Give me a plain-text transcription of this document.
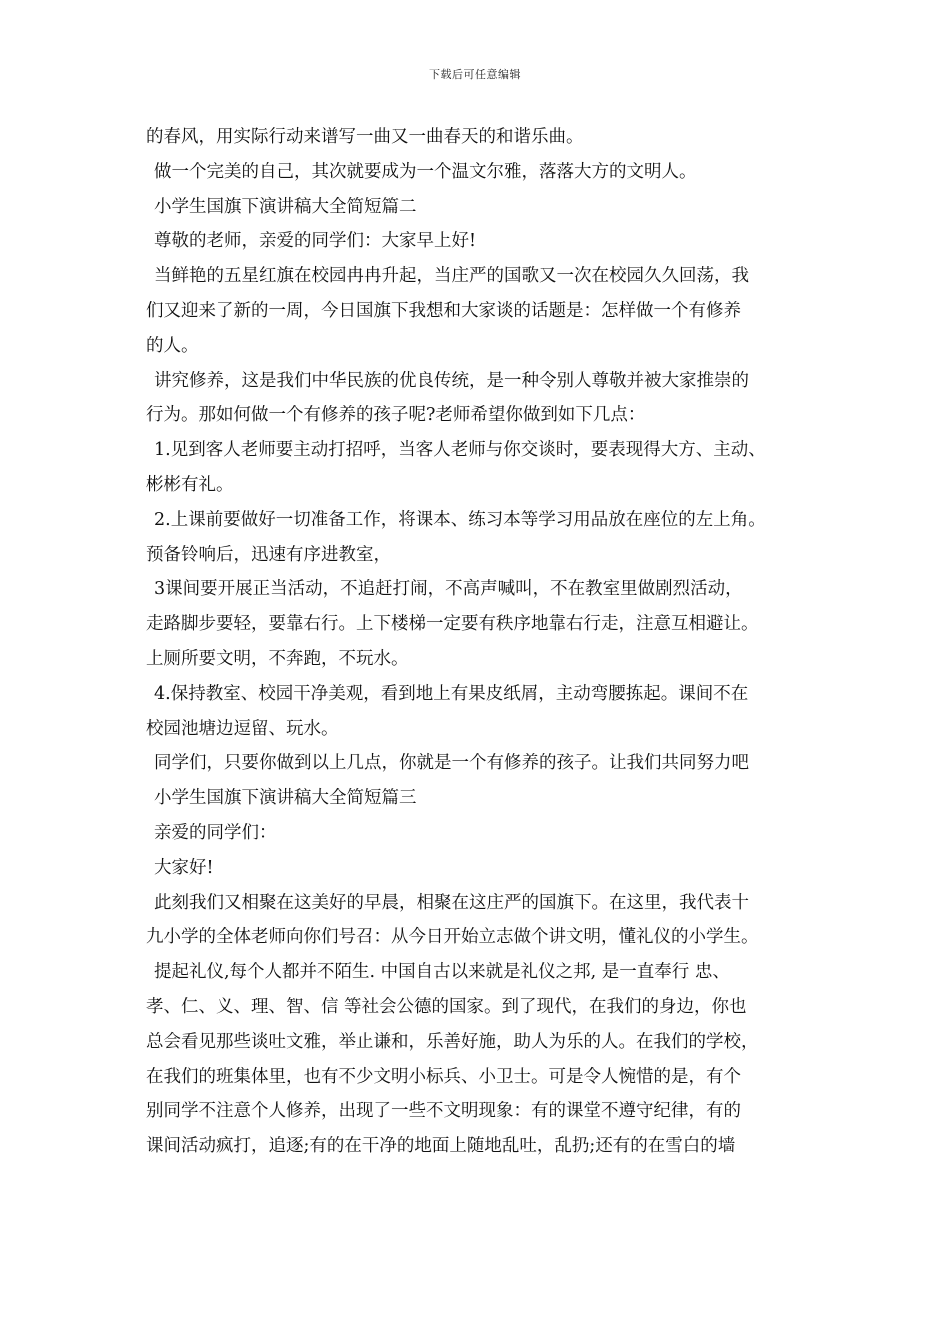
下载后可任意编辑
的春风，用实际行动来谱写一曲又一曲春天的和谐乐曲。
做一个完美的自己，其次就要成为一个温文尔雅，落落大方的文明人。
小学生国旗下演讲稿大全简短篇二
尊敬的老师，亲爱的同学们：大家早上好!
当鲜艳的五星红旗在校园冉冉升起，当庄严的国歌又一次在校园久久回荡，我
们又迎来了新的一周，今日国旗下我想和大家谈的话题是：怎样做一个有修养
的人。
讲究修养，这是我们中华民族的优良传统，是一种令别人尊敬并被大家推崇的
行为。那如何做一个有修养的孩子呢?老师希望你做到如下几点：
1.见到客人老师要主动打招呼，当客人老师与你交谈时，要表现得大方、主动、
彬彬有礼。
2.上课前要做好一切准备工作，将课本、练习本等学习用品放在座位的左上角。
预备铃响后，迅速有序进教室，
3课间要开展正当活动，不追赶打闹，不高声喊叫，不在教室里做剧烈活动，
走路脚步要轻，要靠右行。上下楼梯一定要有秩序地靠右行走，注意互相避让。
上厕所要文明，不奔跑，不玩水。
4.保持教室、校园干净美观，看到地上有果皮纸屑，主动弯腰拣起。课间不在
校园池塘边逗留、玩水。
同学们，只要你做到以上几点，你就是一个有修养的孩子。让我们共同努力吧
小学生国旗下演讲稿大全简短篇三
亲爱的同学们：
大家好!
此刻我们又相聚在这美好的早晨，相聚在这庄严的国旗下。在这里，我代表十
九小学的全体老师向你们号召：从今日开始立志做个讲文明，懂礼仪的小学生。
提起礼仪,每个人都并不陌生. 中国自古以来就是礼仪之邦, 是一直奉行 忠、
孝、仁、义、理、智、信 等社会公德的国家。到了现代，在我们的身边，你也
总会看见那些谈吐文雅，举止谦和，乐善好施，助人为乐的人。在我们的学校，
在我们的班集体里，也有不少文明小标兵、小卫士。可是令人惋惜的是，有个
别同学不注意个人修养，出现了一些不文明现象：有的课堂不遵守纪律，有的
课间活动疯打，追逐;有的在干净的地面上随地乱吐，乱扔;还有的在雪白的墙
